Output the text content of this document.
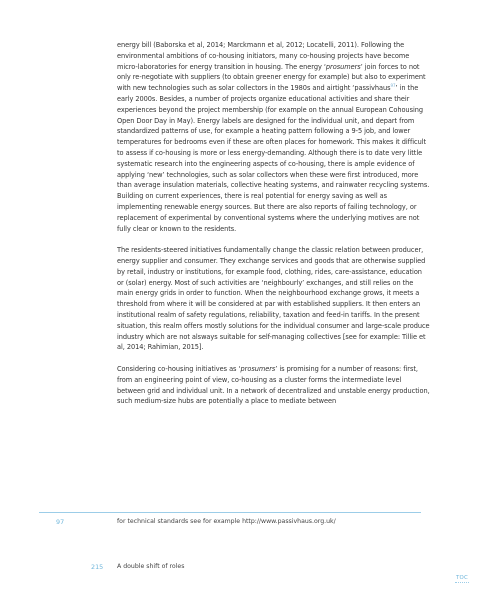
energy bill (Baborska et al, 2014; Marckmann et al, 2012; Locatelli, 2011). Following the environmental ambitions of co-housing initiators, many co-housing projects have become micro-laboratories for energy transition in housing. The energy ‘prosumers’ join forces to not only re-negotiate with suppliers (to obtain greener energy for example) but also to experiment with new technologies such as solar collectors in the 1980s and airtight ‘passivhaus$^{97}$’ in the early 2000s. Besides, a number of projects organize educational activities and share their experiences beyond the project membership (for example on the annual European Cohousing Open Door Day in May). Energy labels are designed for the individual unit, and depart from standardized patterns of use, for example a heating pattern following a 9-5 job, and lower temperatures for bedrooms even if these are often places for homework. This makes it difficult to assess if co-housing is more or less energy-demanding. Although there is to date very little systematic research into the engineering aspects of co-housing, there is ample evidence of applying ‘new’ technologies, such as solar collectors when these were first introduced, more than average insulation materials, collective heating systems, and rainwater recycling systems. Building on current experiences, there is real potential for energy saving as well as implementing renewable energy sources. But there are also reports of failing technology, or replacement of experimental by conventional systems where the underlying motives are not fully clear or known to the residents.

The residents-steered initiatives fundamentally change the classic relation between producer, energy supplier and consumer. They exchange services and goods that are otherwise supplied by retail, industry or institutions, for example food, clothing, rides, care-assistance, education or (solar) energy. Most of such activities are ‘neighbourly’ exchanges, and still relies on the main energy grids in order to function. When the neighbourhood exchange grows, it meets a threshold from where it will be considered at par with established suppliers. It then enters an institutional realm of safety regulations, reliability, taxation and feed-in tariffs. In the present situation, this realm offers mostly solutions for the individual consumer and large-scale produce industry which are not alsways suitable for self-managing collectives [see for example: Tillie et al, 2014; Rahimian, 2015].

Considering co-housing initiatives as ‘prosumers’ is promising for a number of reasons: first, from an engineering point of view, co-housing as a cluster forms the intermediate level between grid and individual unit. In a network of decentralized and unstable energy production, such medium-size hubs are potentially a place to mediate between

97	for technical standards see for example http://www.passivhaus.org.uk/
215 A double shift of roles
TOC
